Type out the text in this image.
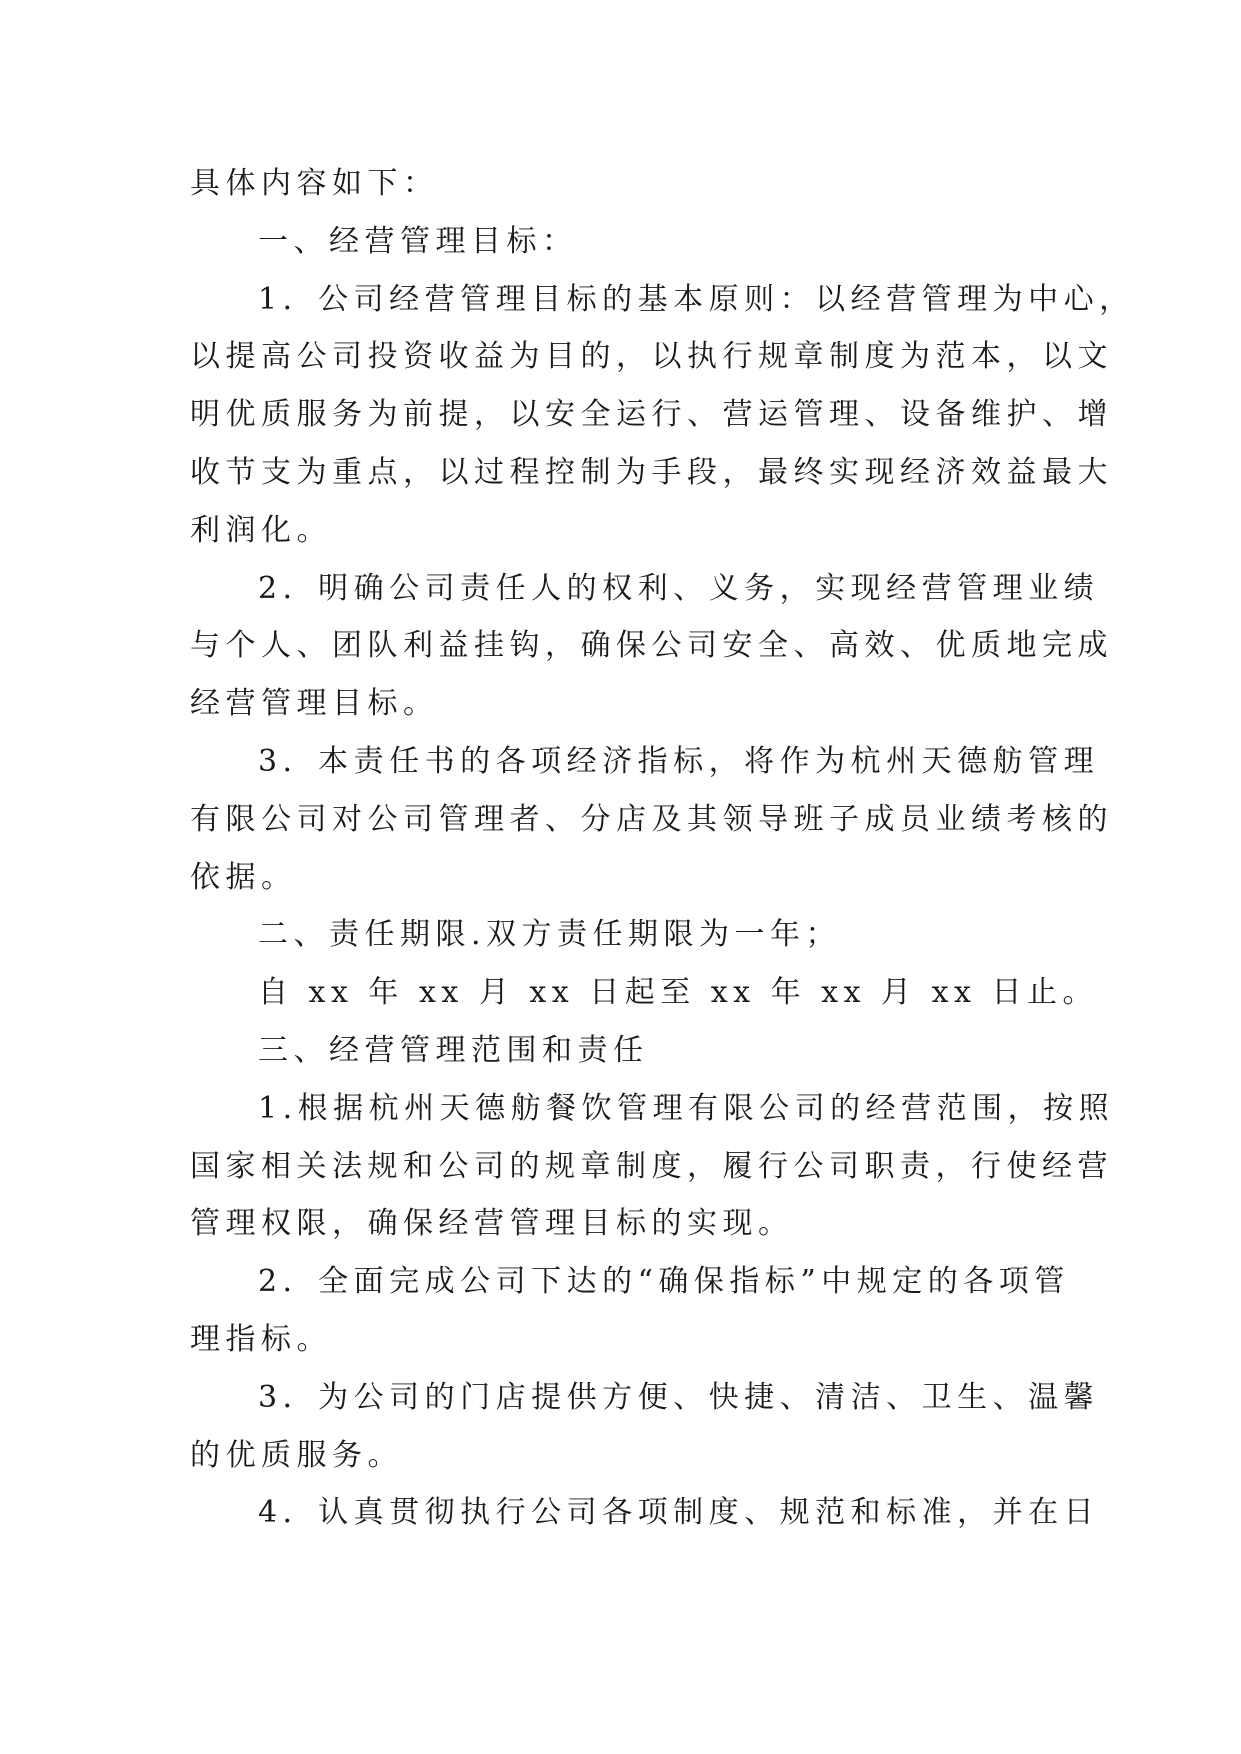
具体内容如下：

一、经营管理目标：

1．公司经营管理目标的基本原则：以经营管理为中心，

以提高公司投资收益为目的，以执行规章制度为范本，以文

明优质服务为前提，以安全运行、营运管理、设备维护、增

收节支为重点，以过程控制为手段，最终实现经济效益最大

利润化。

2．明确公司责任人的权利、义务，实现经营管理业绩

与个人、团队利益挂钩，确保公司安全、高效、优质地完成

经营管理目标。

3．本责任书的各项经济指标，将作为杭州天德舫管理

有限公司对公司管理者、分店及其领导班子成员业绩考核的

依据。

二、责任期限.双方责任期限为一年；

自 xx 年 xx 月 xx 日起至 xx 年 xx 月 xx 日止。

三、经营管理范围和责任

1.根据杭州天德舫餐饮管理有限公司的经营范围，按照

国家相关法规和公司的规章制度，履行公司职责，行使经营

管理权限，确保经营管理目标的实现。

2．全面完成公司下达的“确保指标”中规定的各项管

理指标。

3．为公司的门店提供方便、快捷、清洁、卫生、温馨

的优质服务。

4．认真贯彻执行公司各项制度、规范和标准，并在日
